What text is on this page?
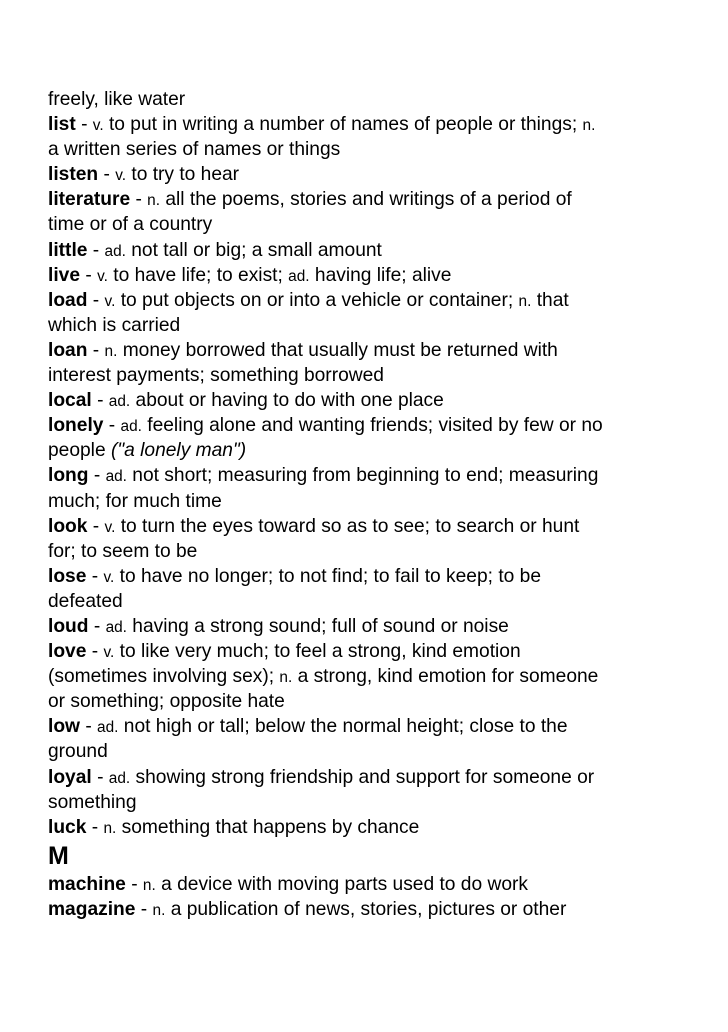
freely, like water
list - v. to put in writing a number of names of people or things; n.
a written series of names or things
listen - v. to try to hear
literature - n. all the poems, stories and writings of a period of
time or of a country
little - ad. not tall or big; a small amount
live - v. to have life; to exist; ad. having life; alive
load - v. to put objects on or into a vehicle or container; n. that
which is carried
loan - n. money borrowed that usually must be returned with
interest payments; something borrowed
local - ad. about or having to do with one place
lonely - ad. feeling alone and wanting friends; visited by few or no
people ("a lonely man")
long - ad. not short; measuring from beginning to end; measuring
much; for much time
look - v. to turn the eyes toward so as to see; to search or hunt
for; to seem to be
lose - v. to have no longer; to not find; to fail to keep; to be
defeated
loud - ad. having a strong sound; full of sound or noise
love - v. to like very much; to feel a strong, kind emotion
(sometimes involving sex); n. a strong, kind emotion for someone
or something; opposite hate
low - ad. not high or tall; below the normal height; close to the
ground
loyal - ad. showing strong friendship and support for someone or
something
luck - n. something that happens by chance
M
machine - n. a device with moving parts used to do work
magazine - n. a publication of news, stories, pictures or other
